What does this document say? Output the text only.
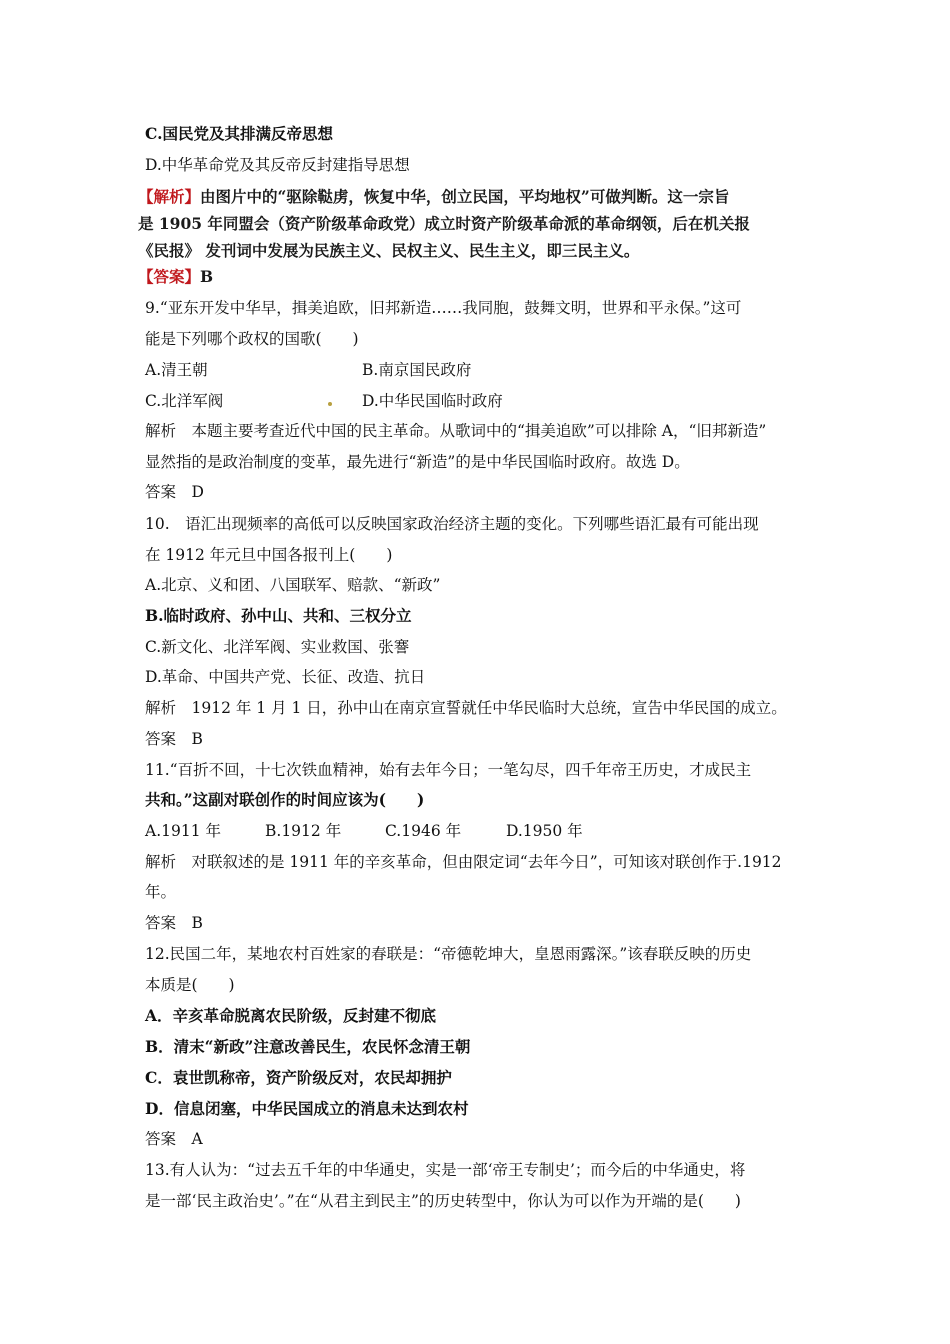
C.国民党及其排满反帝思想
D.中华革命党及其反帝反封建指导思想
【解析】由图片中的“驱除鞑虏，恢复中华，创立民国，平均地权”可做判断。这一宗旨
是 1905 年同盟会（资产阶级革命政党）成立时资产阶级革命派的革命纲领，后在机关报
《民报》 发刊词中发展为民族主义、民权主义、民生主义，即三民主义。
【答案】B
9.“亚东开发中华早，揖美追欧，旧邦新造……我同胞，鼓舞文明，世界和平永保。”这可
能是下列哪个政权的国歌(　　)
A.清王朝	B.南京国民政府
C.北洋军阀	D.中华民国临时政府
解析　本题主要考查近代中国的民主革命。从歌词中的“揖美追欧”可以排除 A，“旧邦新造”
显然指的是政治制度的变革，最先进行“新造”的是中华民国临时政府。故选 D。
答案　D
10.　语汇出现频率的高低可以反映国家政治经济主题的变化。下列哪些语汇最有可能出现
在 1912 年元旦中国各报刊上(　　)
A.北京、义和团、八国联军、赔款、“新政”
B.临时政府、孙中山、共和、三权分立
C.新文化、北洋军阀、实业救国、张謇
D.革命、中国共产党、长征、改造、抗日
解析　1912 年 1 月 1 日，孙中山在南京宣誓就任中华民临时大总统，宣告中华民国的成立。
答案　B
11.“百折不回，十七次铁血精神，始有去年今日；一笔勾尽，四千年帝王历史，才成民主
共和。”这副对联创作的时间应该为(　　)
A.1911 年	B.1912 年	C.1946 年	D.1950 年
解析　对联叙述的是 1911 年的辛亥革命，但由限定词“去年今日”，可知该对联创作于.1912
年。
答案　B
12.民国二年，某地农村百姓家的春联是：“帝德乾坤大，皇恩雨露深。”该春联反映的历史
本质是(　　)
A．辛亥革命脱离农民阶级，反封建不彻底
B．清末“新政”注意改善民生，农民怀念清王朝
C．袁世凯称帝，资产阶级反对，农民却拥护
D．信息闭塞，中华民国成立的消息未达到农村
答案　A
13.有人认为：“过去五千年的中华通史，实是一部‘帝王专制史’；而今后的中华通史，将
是一部‘民主政治史’。”在“从君主到民主”的历史转型中，你认为可以作为开端的是(　　)
